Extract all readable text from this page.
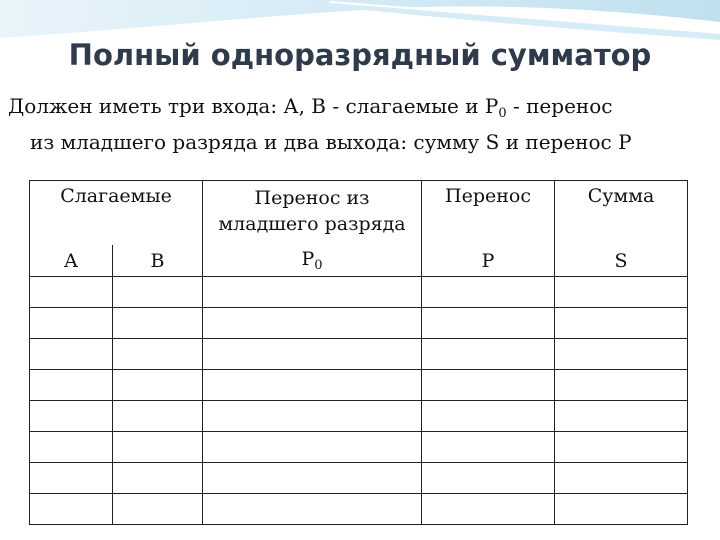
Полный одноразрядный сумматор
Должен иметь три входа: А, В - слагаемые и $Р_0$ - перенос
из младшего разряда и два выхода: сумму S и перенос Р
Слагаемые		Перенос из младшего разряда	Перенос	Сумма
А	В	$Р_0$	Р	S
